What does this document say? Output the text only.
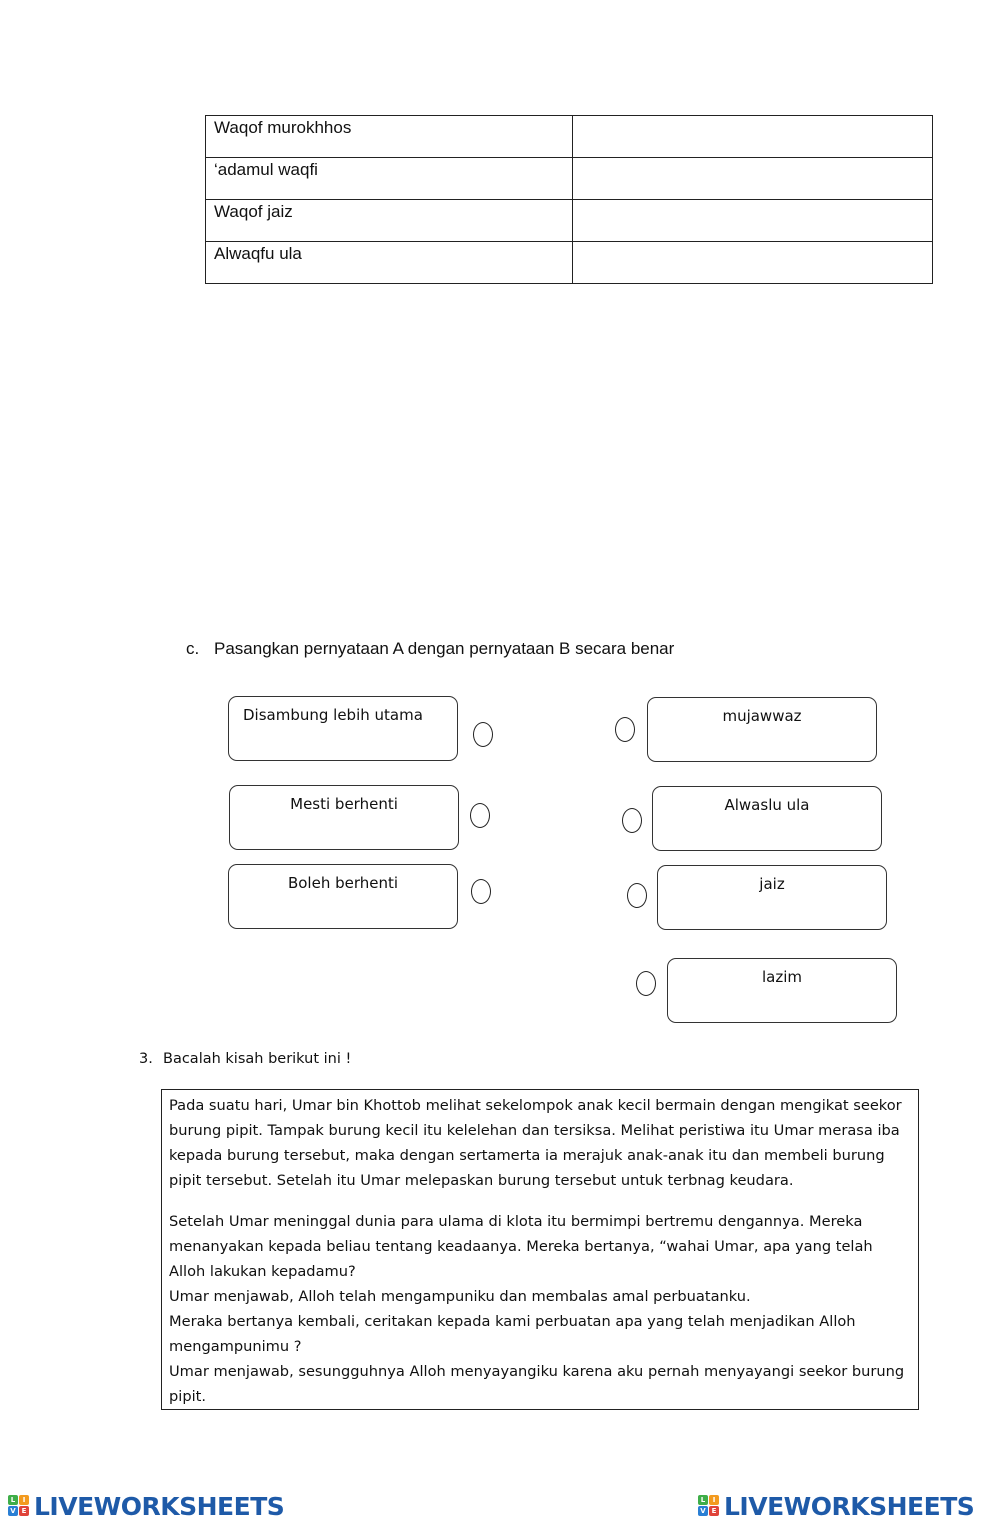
Waqof murokhhos	
‘adamul waqfi	
Waqof jaiz	
Alwaqfu ula	
c. Pasangkan pernyataan A dengan pernyataan B secara benar
Disambung lebih utama
Mesti berhenti
Boleh berhenti
mujawwaz
Alwaslu ula
jaiz
lazim
3. Bacalah kisah berikut ini !

Pada suatu hari, Umar bin Khottob melihat sekelompok anak kecil bermain dengan mengikat seekor burung pipit. Tampak burung kecil itu kelelehan dan tersiksa. Melihat peristiwa itu Umar merasa iba kepada burung tersebut, maka dengan sertamerta ia merajuk anak-anak itu dan membeli burung pipit tersebut. Setelah itu Umar melepaskan burung tersebut untuk terbnag keudara.

Setelah Umar meninggal dunia para ulama di klota itu bermimpi bertremu dengannya. Mereka menanyakan kepada beliau tentang keadaanya. Mereka bertanya, “wahai Umar, apa yang telah Alloh lakukan kepadamu?

Umar menjawab, Alloh telah mengampuniku dan membalas amal perbuatanku.

Meraka bertanya kembali, ceritakan kepada kami perbuatan apa yang telah menjadikan Alloh mengampunimu ?

Umar menjawab, sesungguhnya Alloh menyayangiku karena aku pernah menyayangi seekor burung pipit.

L	I
V E LIVEWORKSHEETS	L	I
V E LIVEWORKSHEETS
